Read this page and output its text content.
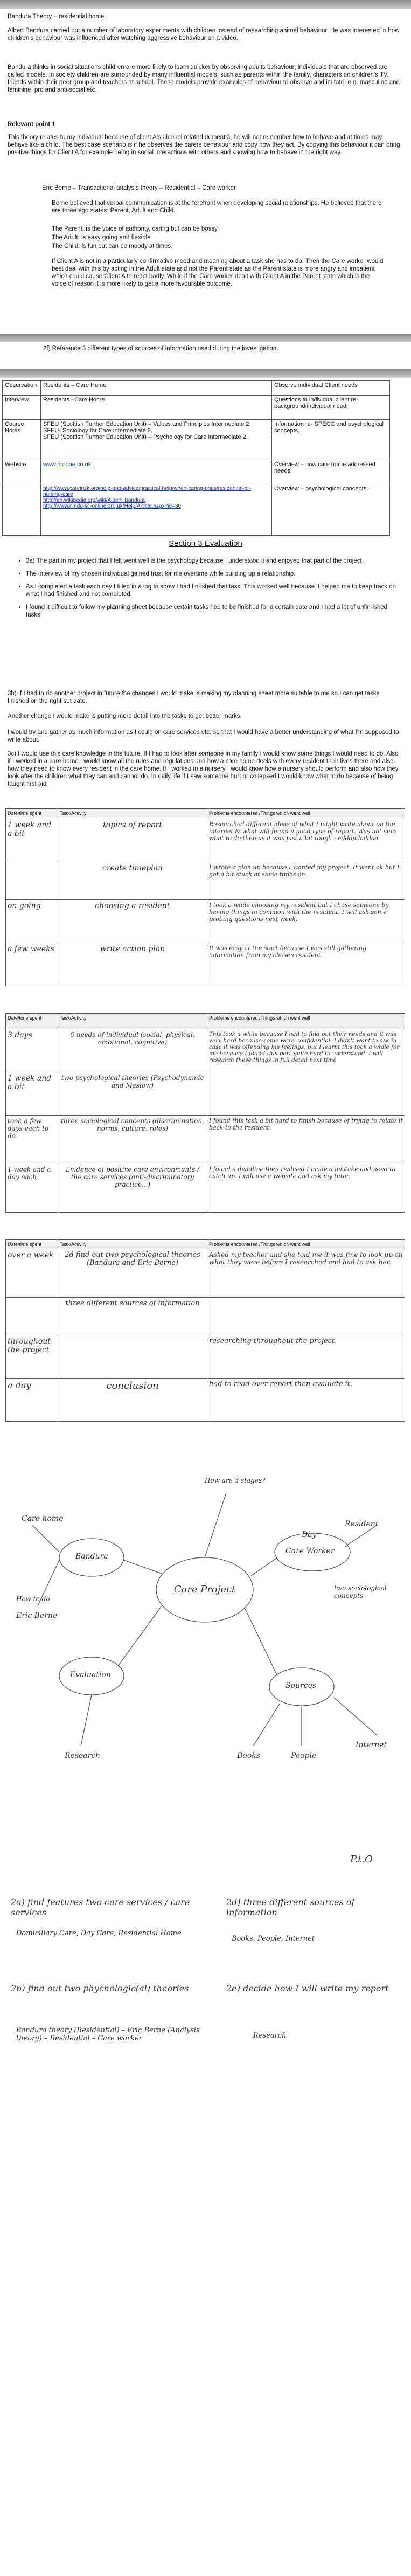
Bandura Theory – residential home .

Albert Bandura carried out a number of laboratory experiments with children instead of researching animal behaviour. He was interested in how children's behaviour was influenced after watching aggressive behaviour on a video.

Bandura thinks in social situations children are more likely to learn quicker by observing adults behaviour; individuals that are observed are called models. In society children are surrounded by many influential models, such as parents within the family, characters on children's TV, friends within their peer group and teachers at school. These models provide examples of behaviour to observe and imitate, e.g. masculine and feminine, pro and anti-social etc.

Relevant point 1

This theory relates to my individual because of client A's alcohol related dementia, he will not remember how to behave and at times may behave like a child. The best case scenario is if he observes the carers behaviour and copy how they act. By copying this behaviour it can bring positive things for Client A for example being in social interactions with others and knowing how to behave in the right way.

Eric Berne – Transactional analysis theory – Residential – Care worker

Berne believed that verbal communication is at the forefront when developing social relationships. He believed that there are three ego states: Parent, Adult and Child.

The Parent: is the voice of authority, caring but can be bossy.
The Adult: is easy going and flexible
The Child: is fun but can be moody at times.

If Client A is not in a particularly confirmative mood and moaning about a task she has to do. Then the Care worker would best deal with this by acting in the Adult state and not the Parent state as the Parent state is more angry and impatient which could cause Client A to react badly. While if the Care worker dealt with Client A in the Parent state which is the voice of reason it is more likely to get a more favourable outcome.

2f) Reference 3 different types of sources of information used during the investigation.

Observation	Residents – Care Home	Observe individual Client needs
Interview	Residents –Care Home	Questions to individual client re- background/individual need.
Course Notes	SFEU (Scottish Further Education Unit) – Values and Principles Intermediate 2
SFEU- Sociology for Care Intermediate 2.
SFEU (Scottish Further Education Unit) – Psychology for Care Intermediate 2.	Information re- SPECC and psychological concepts.
Website	www.hc-one.co.uk	Overview – how care home addressed needs.
	http://www.careinsk.org/help-and-advice/practical-help/when-caring-ends/residential-or-nursing-care
http://en.wikipedia.org/wiki/Albert_Bandura
http://www.nmdd-sc-online.org.uk/Help/Article.aspx?id=30	Overview – psychological concepts.
Section 3 Evaluation
• 3a) The part in my project that I felt went well is the psychology because I understood it and enjoyed that part of the project.
• The interview of my chosen individual gained trust for me overtime while building up a relationship.
• As I completed a task each day I filled in a log to show I had fin-ished that task. This worked well because it helped me to keep track on what I had finished and not completed.
• I found it difficult to follow my planning sheet because certain tasks had to be finished for a certain date and I had a lot of unfin-ished tasks.

3b) If I had to do another project in future the changes I would make is making my planning sheet more suitable to me so I can get tasks finished on the right set date.

Another change I would make is putting more detail into the tasks to get better marks.

I would try and gather as much information as I could on care services etc. so that I would have a better understanding of what I'm supposed to write about.

3c) I would use this care knowledge in the future. If I had to look after someone in my family I would know some things I would need to do. Also if I worked in a care home I would know all the rules and regulations and how a care home deals with every resident their lives there and also how they need to know every resident in the care home. If I worked in a nursery I would know how a nursery should perform and also how they look after the children what they can and cannot do. In daily life if I saw someone hurt or collapsed I would know what to do because of being taught first aid.

Date/time spent	Task/Activity	Problems encountered /Things which went well
1 week and a bit	topics of report	Researched different ideas of what I might write about on the internet & what will found a good type of report. Was not sure what to do then as it was just a bit tough - adddadaddaa
	create timeplan	I wrote a plan up because I wanted my project. It went ok but I got a bit stuck at some times on.
on going	choosing a resident	I took a while choosing my resident but I chose someone by having things in common with the resident. I will ask some probing questions next week.
a few weeks	write action plan	It was easy at the start because I was still gathering information from my chosen resident.
Date/time spent	Task/Activity	Problems encountered /Things which went well
3 days	6 needs of individual (social, physical, emotional, cognitive)	This took a while because I had to find out their needs and it was very hard because some were confidential. I didn't want to ask in case it was offending his feelings, but I learnt this took a while for me because I found this part quite hard to understand. I will research these things in full detail next time
1 week and a bit	two psychological theories (Psychodynamic and Maslow)	
took a few days each to do	three sociological concepts (discrimination, norms, culture, roles)	I found this task a bit hard to finish because of trying to relate it back to the resident.
1 week and a day each	Evidence of positive care environments / the care services (anti-discriminatory practice...)	I found a deadline then realised I made a mistake and need to catch up. I will use a website and ask my tutor.
Date/time spent	Task/Activity	Problems encountered /Things which went well
over a week	2d find out two psychological theories (Bandura and Eric Berne)	Asked my teacher and she told me it was fine to look up on what they were before I researched and had to ask her.
	three different sources of information	
throughout the project		researching throughout the project.
a day	conclusion	had to read over report then evaluate it.
Care Project
Care home
Bandura
Eric Berne
Day
Evaluation
two sociological concepts
Care Worker
Sources
Books	People
Internet
Research
How are 3 stages?
How to do
Resident
P.t.O
2a) find features two care services / care services
Domiciliary Care, Day Care, Residential Home
2d) three different sources of information
Books, People, Internet
2b) find out two phychologic(al) theories
Bandura theory (Residential) – Eric Berne (Analysis theory) – Residential – Care worker
2e) decide how I will write my report
Research
